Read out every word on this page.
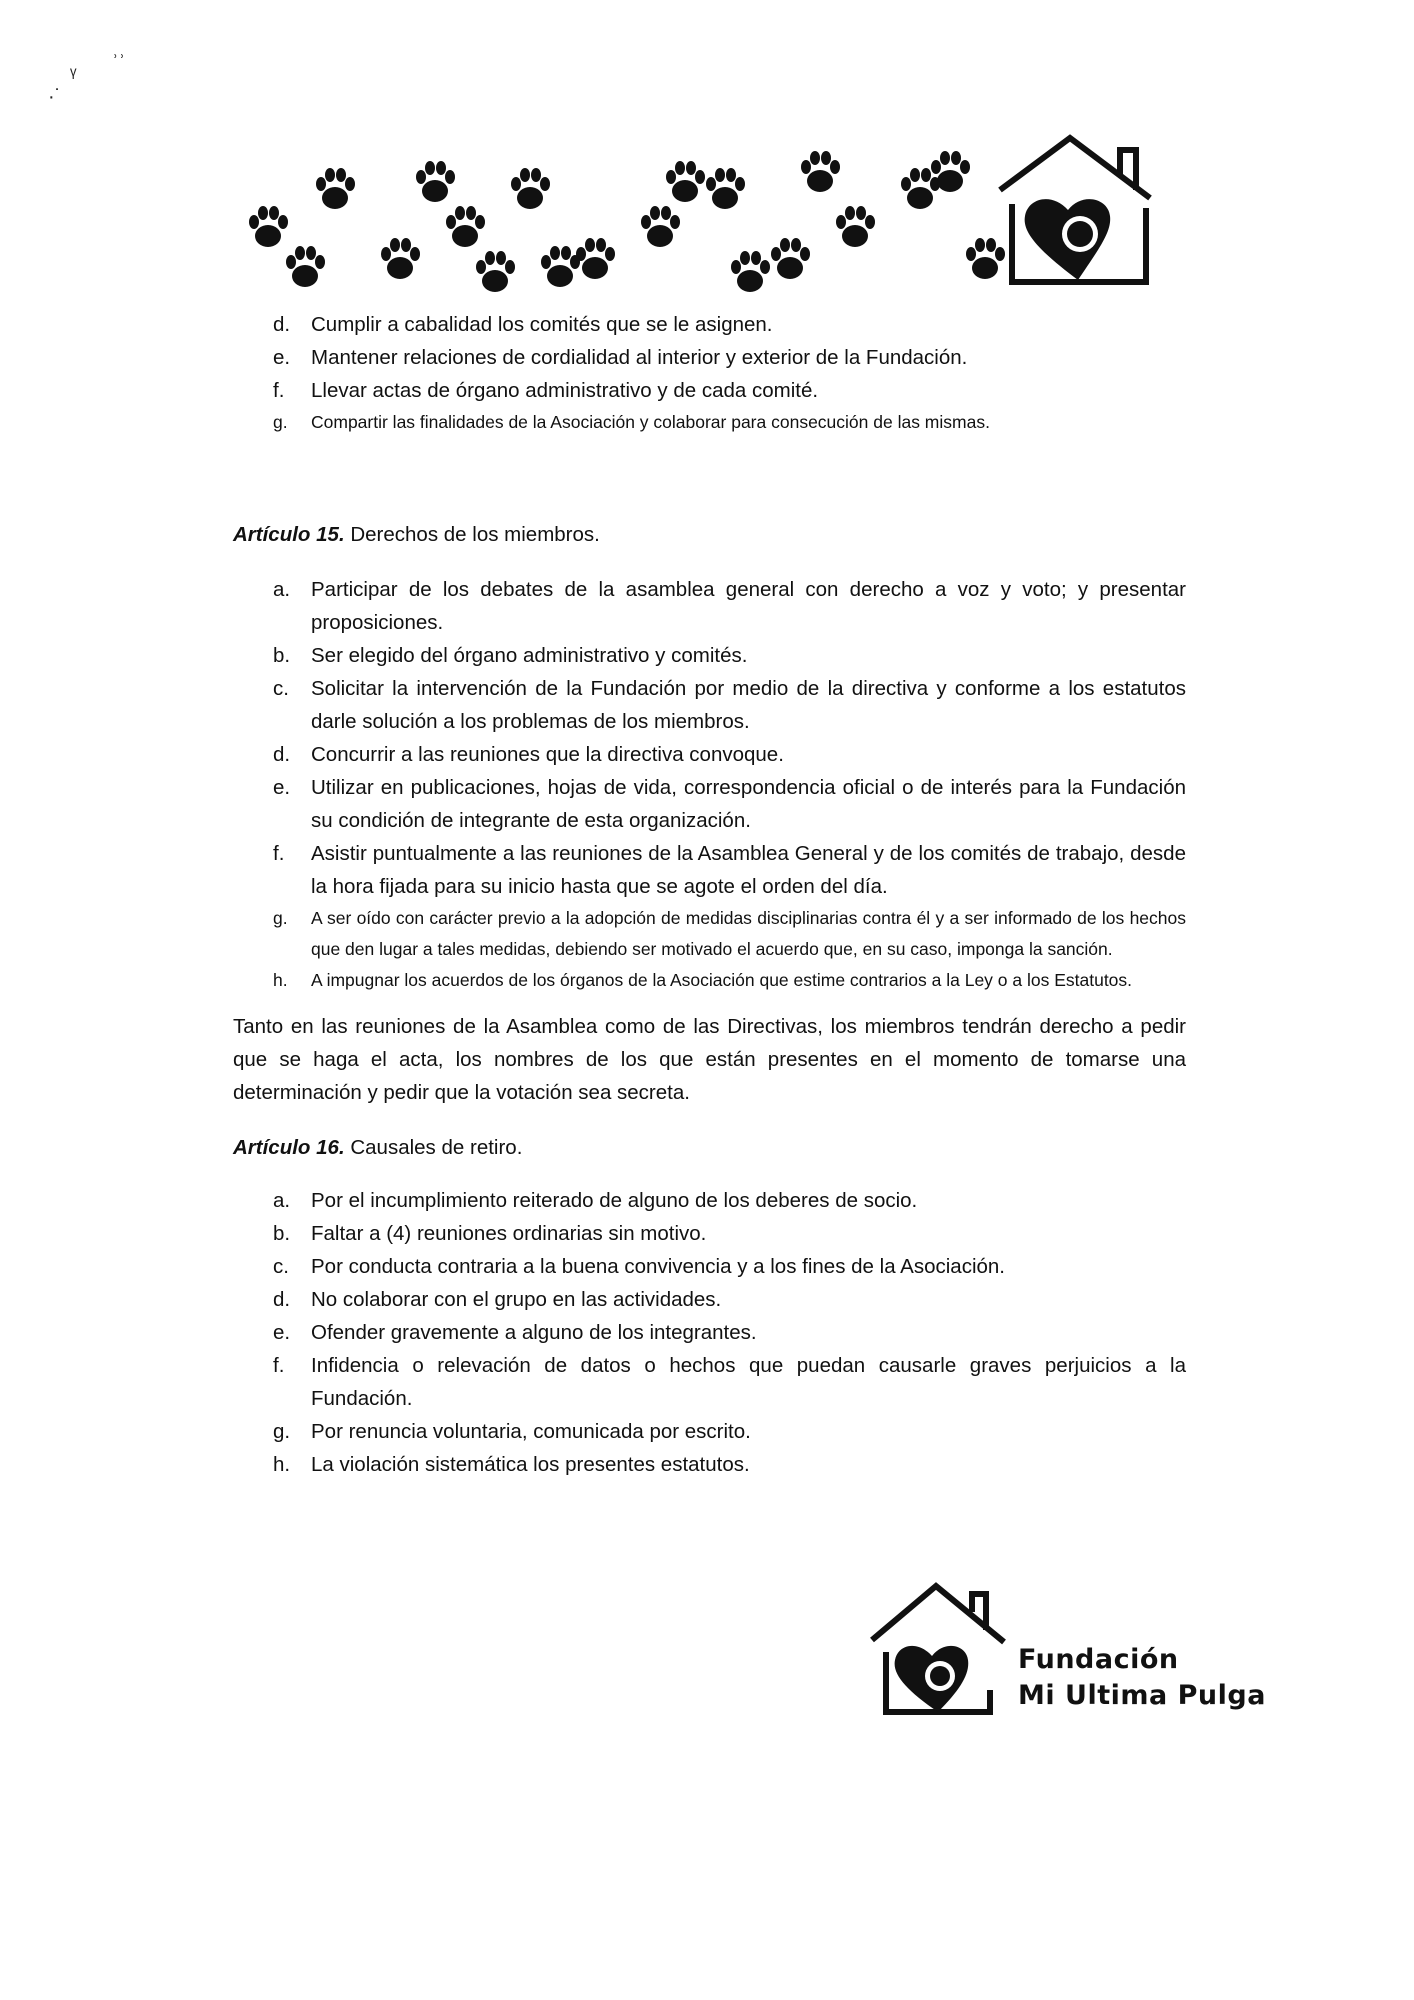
·˙
ᵞ
˒˒
d. Cumplir a cabalidad los comités que se le asignen.
e. Mantener relaciones de cordialidad al interior y exterior de la Fundación.
f. Llevar actas de órgano administrativo y de cada comité.
g. Compartir las finalidades de la Asociación y colaborar para consecución de las mismas.

Artículo 15. Derechos de los miembros.

a. Participar de los debates de la asamblea general con derecho a voz y voto; y presentar proposiciones.
b. Ser elegido del órgano administrativo y comités.
c. Solicitar la intervención de la Fundación por medio de la directiva y conforme a los estatutos darle solución a los problemas de los miembros.
d. Concurrir a las reuniones que la directiva convoque.
e. Utilizar en publicaciones, hojas de vida, correspondencia oficial o de interés para la Fundación su condición de integrante de esta organización.
f. Asistir puntualmente a las reuniones de la Asamblea General y de los comités de trabajo, desde la hora fijada para su inicio hasta que se agote el orden del día.
g. A ser oído con carácter previo a la adopción de medidas disciplinarias contra él y a ser informado de los hechos que den lugar a tales medidas, debiendo ser motivado el acuerdo que, en su caso, imponga la sanción.
h. A impugnar los acuerdos de los órganos de la Asociación que estime contrarios a la Ley o a los Estatutos.

Tanto en las reuniones de la Asamblea como de las Directivas, los miembros tendrán derecho a pedir que se haga el acta, los nombres de los que están presentes en el momento de tomarse una determinación y pedir que la votación sea secreta.

Artículo 16. Causales de retiro.

a. Por el incumplimiento reiterado de alguno de los deberes de socio.
b. Faltar a (4) reuniones ordinarias sin motivo.
c. Por conducta contraria a la buena convivencia y a los fines de la Asociación.
d. No colaborar con el grupo en las actividades.
e. Ofender gravemente a alguno de los integrantes.
f. Infidencia o relevación de datos o hechos que puedan causarle graves perjuicios a la Fundación.
g. Por renuncia voluntaria, comunicada por escrito.
h. La violación sistemática los presentes estatutos.
Fundación
Mi Ultima Pulga
